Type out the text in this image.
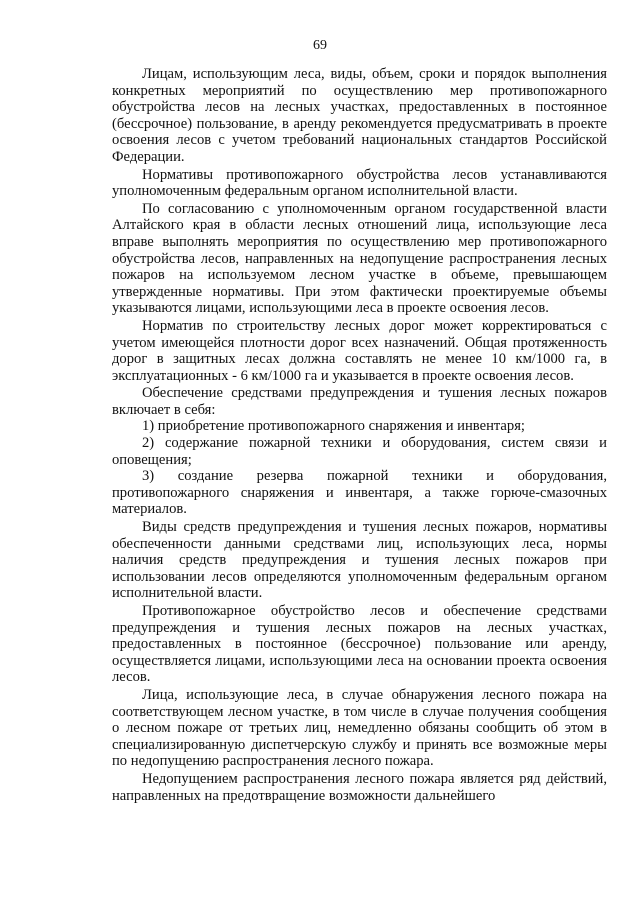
69

Лицам, использующим леса, виды, объем, сроки и порядок выполнения конкретных мероприятий по осуществлению мер противопожарного обустройства лесов на лесных участках, предоставленных в постоянное (бессрочное) пользование, в аренду рекомендуется предусматривать в проекте освоения лесов с учетом требований национальных стандартов Российской Федерации.

Нормативы противопожарного обустройства лесов устанавливаются уполномоченным федеральным органом исполнительной власти.

По согласованию с уполномоченным органом государственной власти Алтайского края в области лесных отношений лица, использующие леса вправе выполнять мероприятия по осуществлению мер противопожарного обустройства лесов, направленных на недопущение распространения лесных пожаров на используемом лесном участке в объеме, превышающем утвержденные нормативы. При этом фактически проектируемые объемы указываются лицами, использующими леса в проекте освоения лесов.

Норматив по строительству лесных дорог может корректироваться с учетом имеющейся плотности дорог всех назначений. Общая протяженность дорог в защитных лесах должна составлять не менее 10 км/1000 га, в эксплуатационных - 6 км/1000 га и указывается в проекте освоения лесов.

Обеспечение средствами предупреждения и тушения лесных пожаров включает в себя:

1) приобретение противопожарного снаряжения и инвентаря;

2) содержание пожарной техники и оборудования, систем связи и оповещения;

3) создание резерва пожарной техники и оборудования, противопожарного снаряжения и инвентаря, а также горюче-смазочных материалов.

Виды средств предупреждения и тушения лесных пожаров, нормативы обеспеченности данными средствами лиц, использующих леса, нормы наличия средств предупреждения и тушения лесных пожаров при использовании лесов определяются уполномоченным федеральным органом исполнительной власти.

Противопожарное обустройство лесов и обеспечение средствами предупреждения и тушения лесных пожаров на лесных участках, предоставленных в постоянное (бессрочное) пользование или аренду, осуществляется лицами, использующими леса на основании проекта освоения лесов.

Лица, использующие леса, в случае обнаружения лесного пожара на соответствующем лесном участке, в том числе в случае получения сообщения о лесном пожаре от третьих лиц, немедленно обязаны сообщить об этом в специализированную диспетчерскую службу и принять все возможные меры по недопущению распространения лесного пожара.

Недопущением распространения лесного пожара является ряд действий, направленных на предотвращение возможности дальнейшего
